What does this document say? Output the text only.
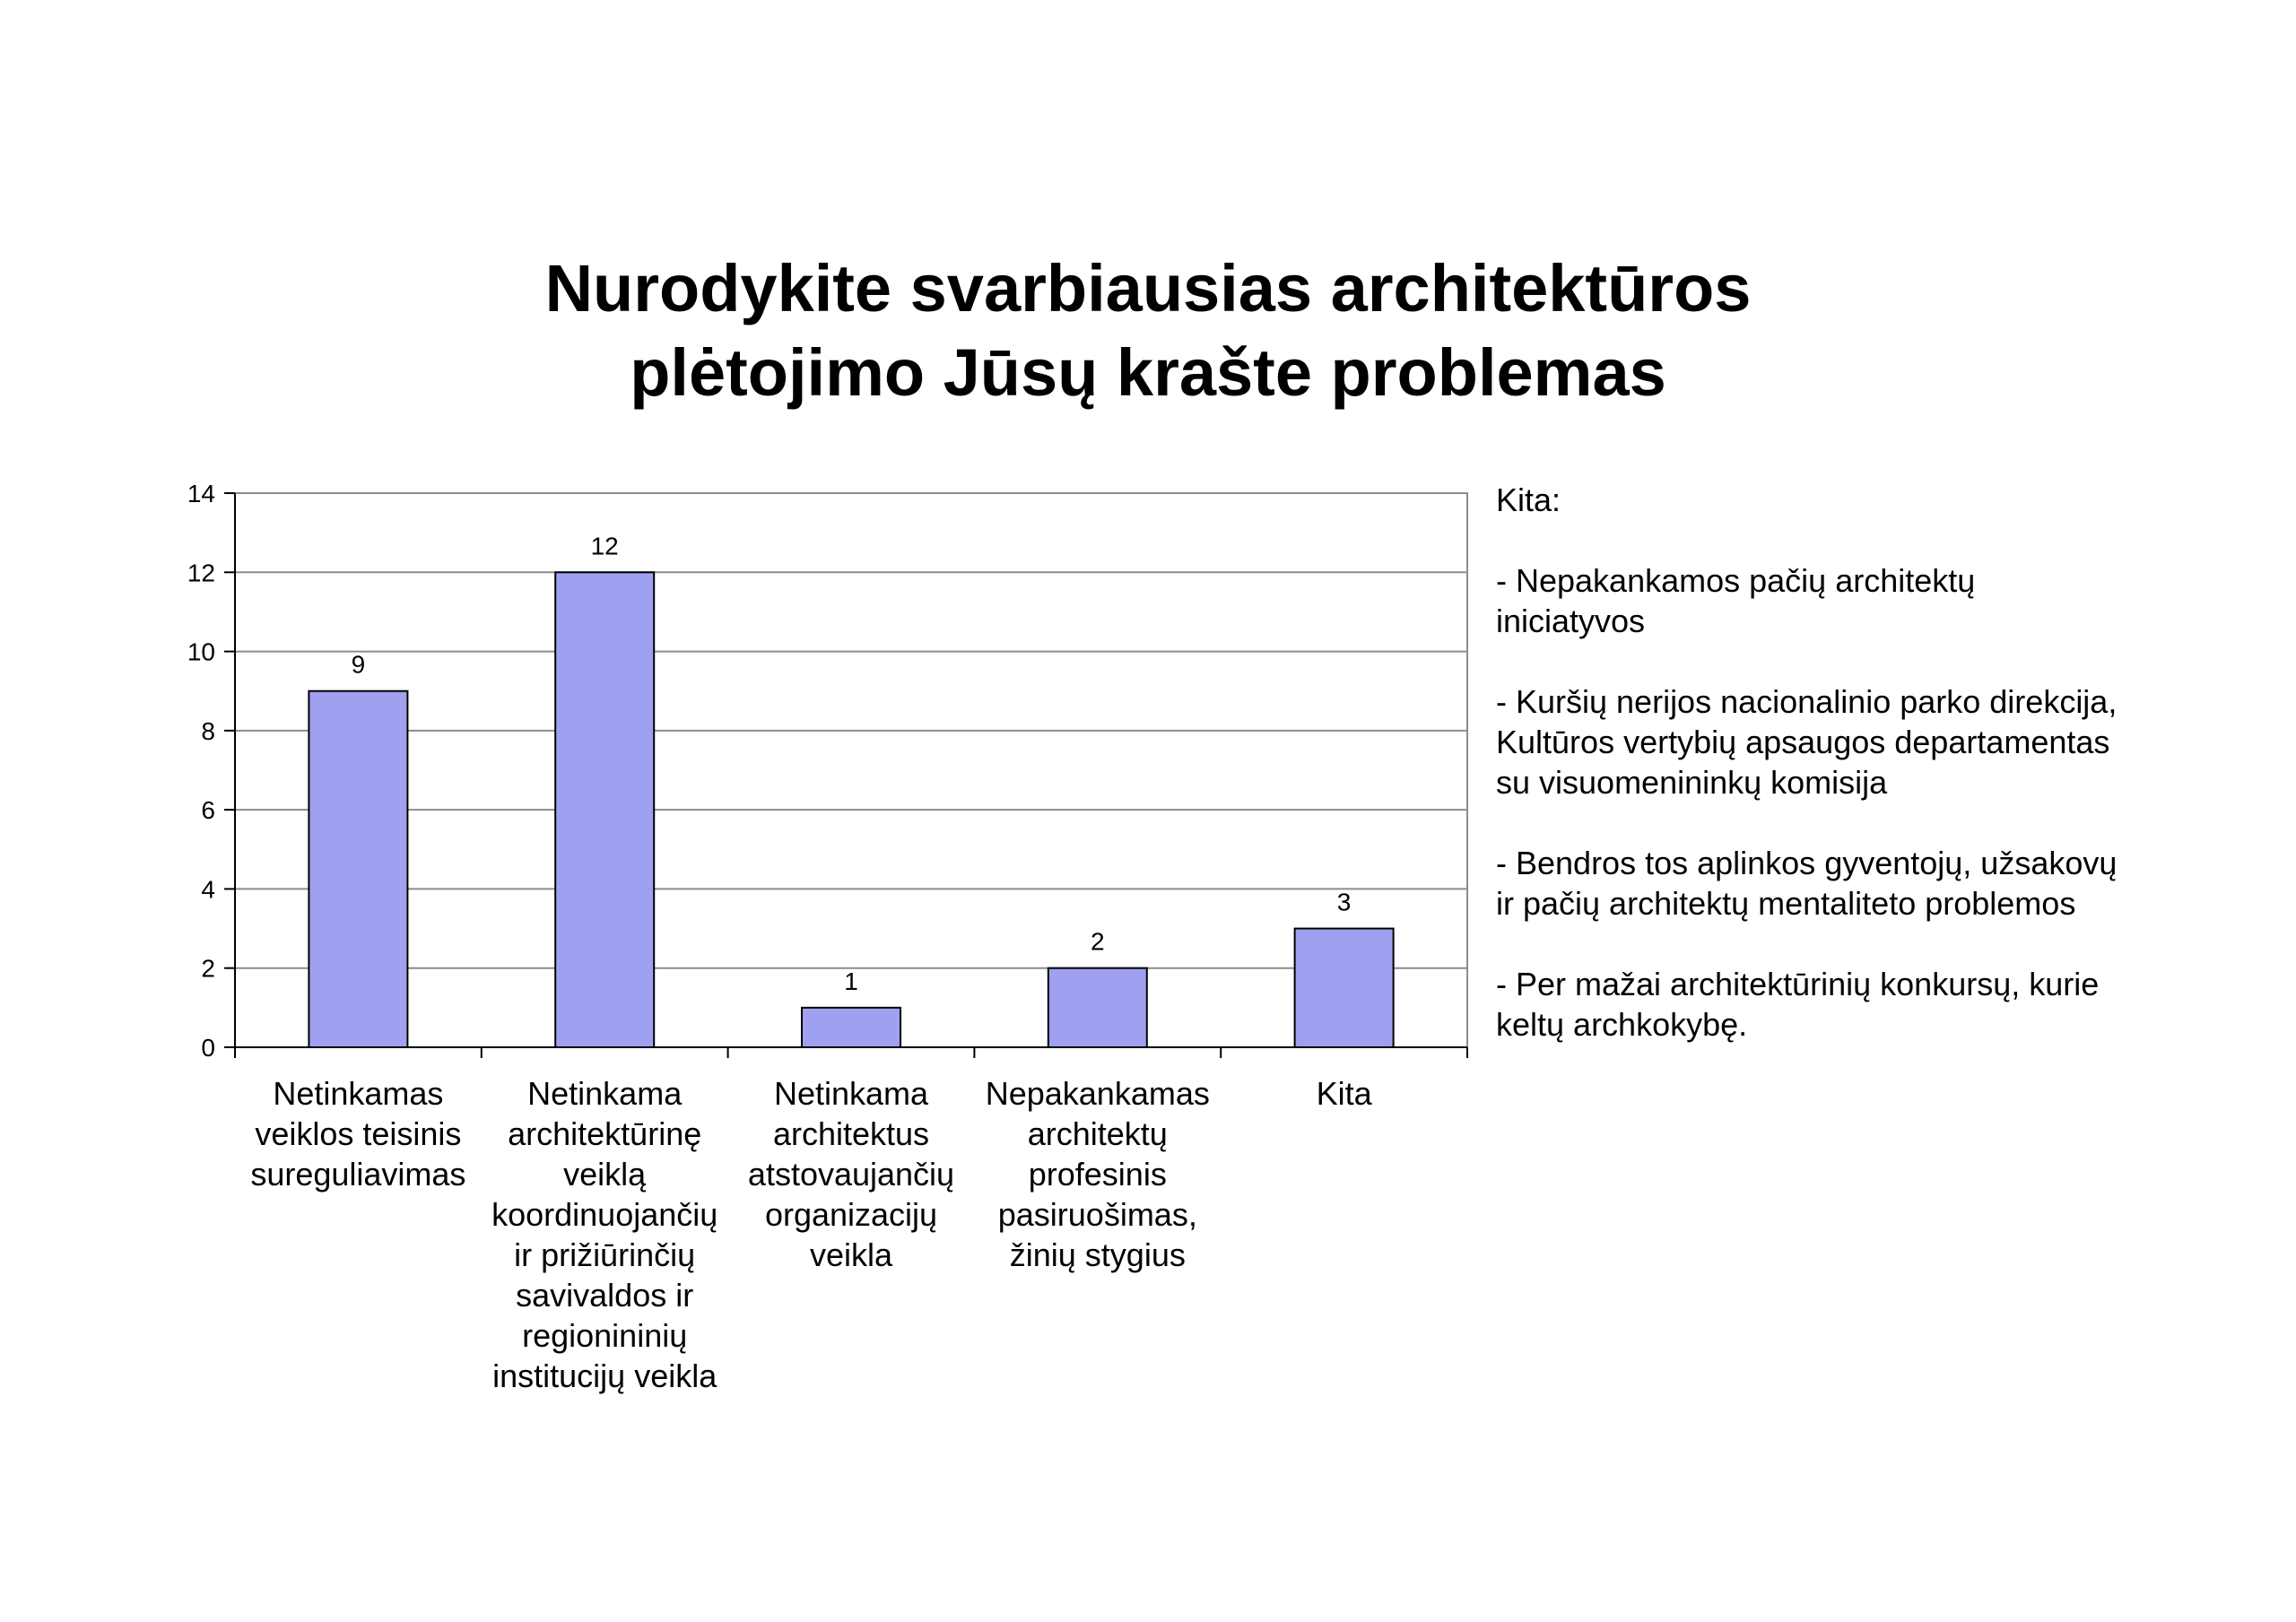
Nurodykite svarbiausias architektūros
plėtojimo Jūsų krašte problemas
0
2
4
6
8
10
12
14
9
12
1
2
3
Netinkamas
veiklos teisinis
sureguliavimas
Netinkama
architektūrinę
veiklą
koordinuojančių
ir prižiūrinčių
savivaldos ir
regionininių
institucijų veikla
Netinkama
architektus
atstovaujančių
organizacijų
veikla
Nepakankamas
architektų
profesinis
pasiruošimas,
žinių stygius
Kita
Kita:
- Nepakankamos pačių architektų
iniciatyvos
- Kuršių nerijos nacionalinio parko direkcija,
Kultūros vertybių apsaugos departamentas
su visuomenininkų komisija
- Bendros tos aplinkos gyventojų, užsakovų
ir pačių architektų mentaliteto problemos
- Per mažai architektūrinių konkursų, kurie
keltų archkokybę.
